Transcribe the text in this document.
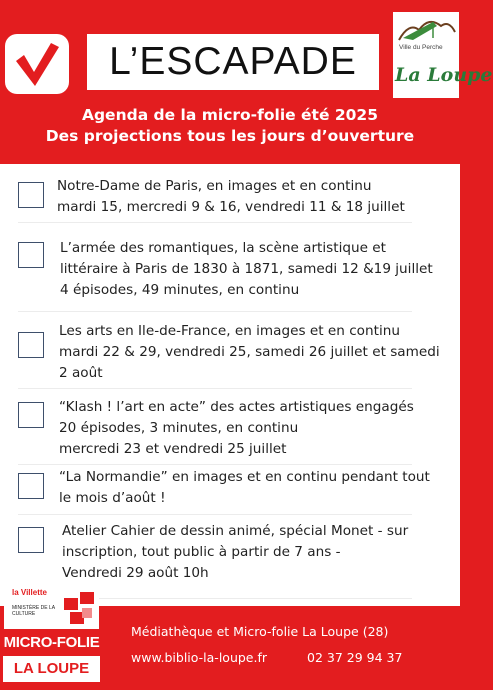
L’ESCAPADE	Ville du Perche
La Loupe
Agenda de la micro-folie été 2025
Des projections tous les jours d’ouverture
Notre-Dame de Paris, en images et en continu
mardi 15, mercredi 9 & 16, vendredi 11 & 18 juillet
L’armée des romantiques, la scène artistique et
littéraire à Paris de 1830 à 1871, samedi 12 &19 juillet
4 épisodes, 49 minutes, en continu
Les arts en Ile-de-France, en images et en continu
mardi 22 & 29, vendredi 25, samedi 26 juillet et samedi
2 août
“Klash ! l’art en acte” des actes artistiques engagés
20 épisodes, 3 minutes, en continu
mercredi 23 et vendredi 25 juillet
“La Normandie” en images et en continu pendant tout
le mois d’août !
Atelier Cahier de dessin animé, spécial Monet - sur
inscription, tout public à partir de 7 ans -
Vendredi 29 août 10h
la Villette
MINISTÈRE DE LA CULTURE
MICRO-FOLIE
LA LOUPE
Médiathèque et Micro-folie La Loupe (28)
www.biblio-la-loupe.fr	02 37 29 94 37
